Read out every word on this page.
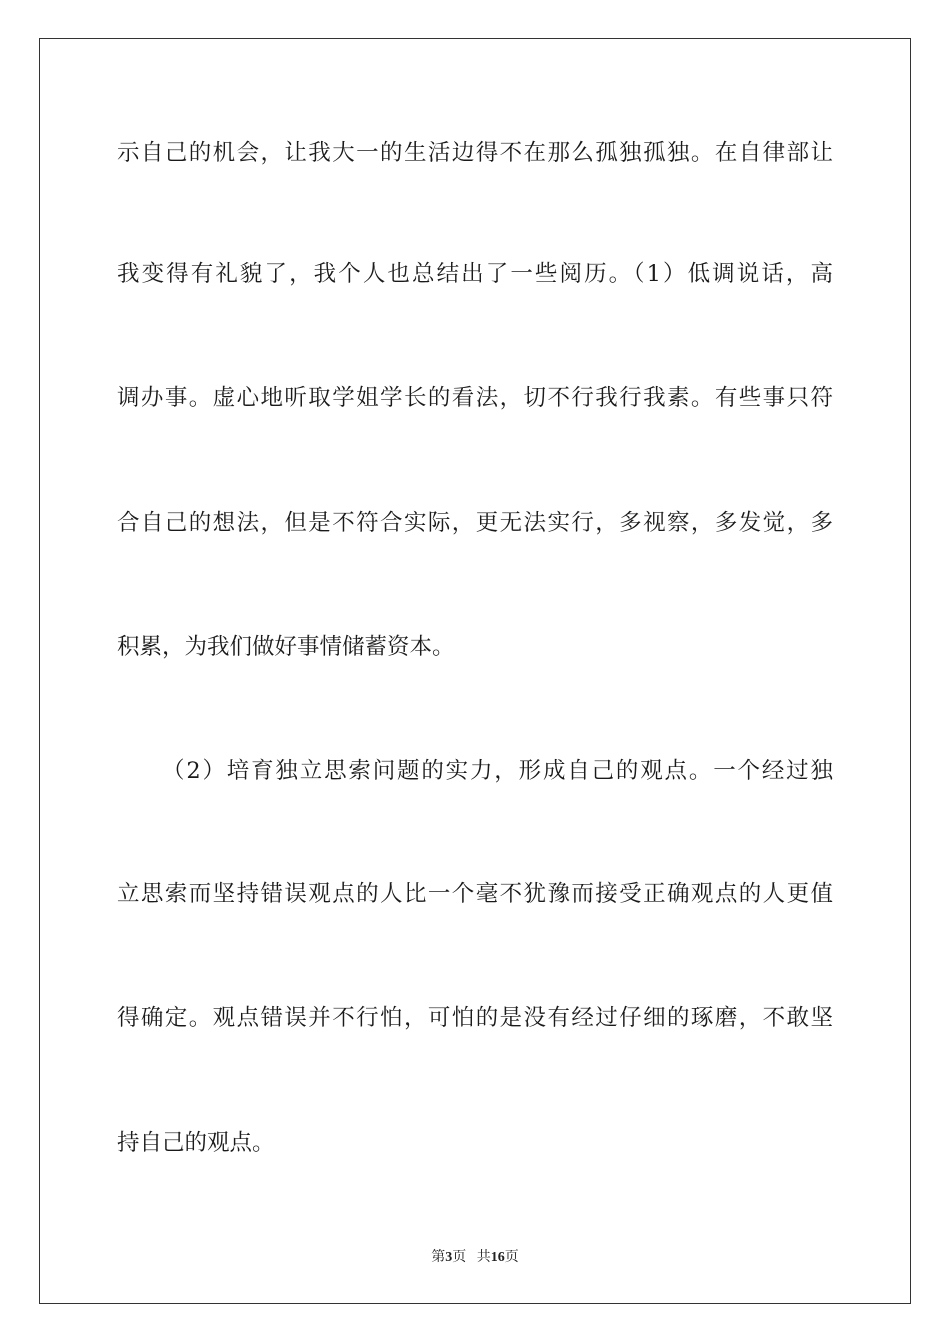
示自己的机会，让我大一的生活边得不在那么孤独孤独。在自律部让
我变得有礼貌了，我个人也总结出了一些阅历。（1）低调说话，高
调办事。虚心地听取学姐学长的看法，切不行我行我素。有些事只符
合自己的想法，但是不符合实际，更无法实行，多视察，多发觉，多
积累，为我们做好事情储蓄资本。
（2）培育独立思索问题的实力，形成自己的观点。一个经过独
立思索而坚持错误观点的人比一个毫不犹豫而接受正确观点的人更值
得确定。观点错误并不行怕，可怕的是没有经过仔细的琢磨，不敢坚
持自己的观点。
第3页 共16页
